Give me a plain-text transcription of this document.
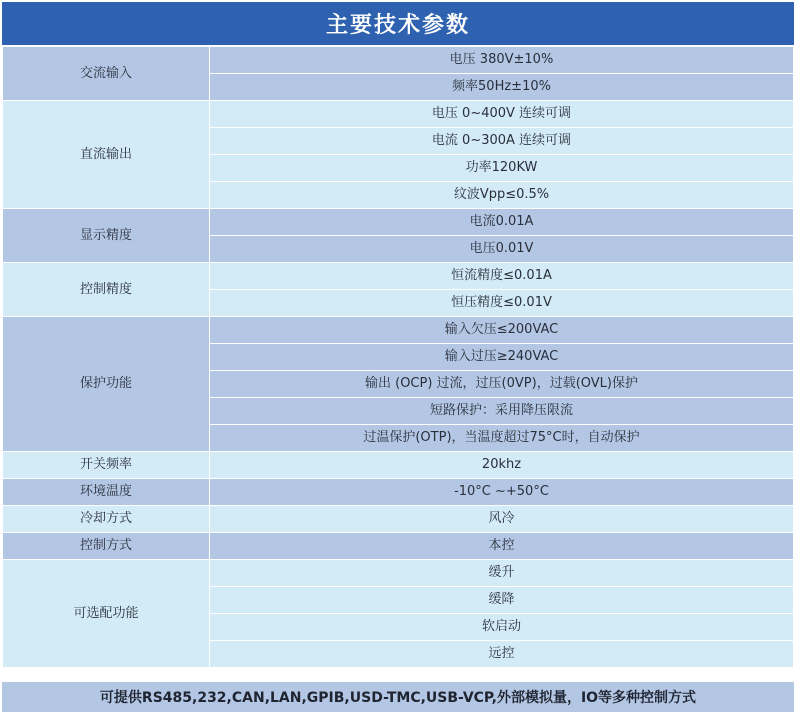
主要技术参数
交流输入	电压 380V±10%
	频率50Hz±10%
直流输出	电压 0~400V 连续可调
	电流 0~300A 连续可调
	功率120KW
	纹波Vpp≤0.5%
显示精度	电流0.01A
	电压0.01V
控制精度	恒流精度≤0.01A
	恒压精度≤0.01V
保护功能	输入欠压≤200VAC
	输入过压≥240VAC
	输出 (OCP) 过流，过压(0VP)，过载(OVL)保护
	短路保护：采用降压限流
	过温保护(OTP)，当温度超过75°C时，自动保护
开关频率	20khz
环境温度	-10°C ~+50°C
冷却方式	风冷
控制方式	本控
可选配功能	缓升
	缓降
	软启动
	远控
可提供RS485,232,CAN,LAN,GPIB,USD-TMC,USB-VCP,外部模拟量，IO等多种控制方式
